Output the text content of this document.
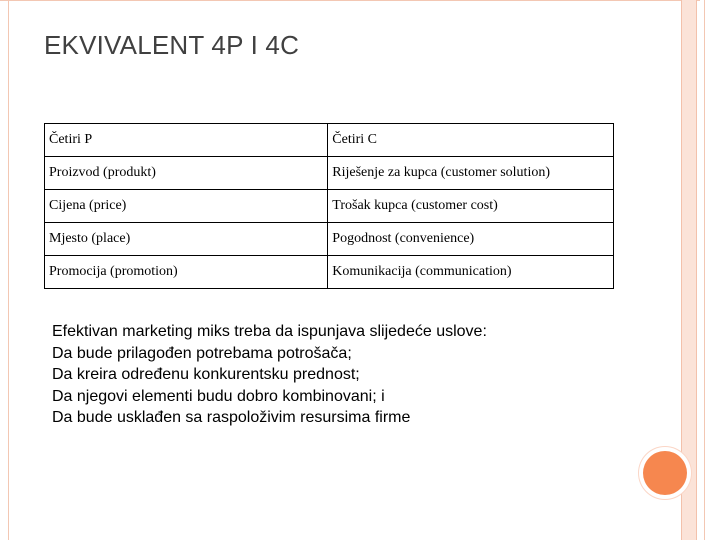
EKVIVALENT 4P I 4C
Četiri P	Četiri C
Proizvod (produkt)	Riješenje za kupca (customer solution)
Cijena (price)	Trošak kupca (customer cost)
Mjesto (place)	Pogodnost (convenience)
Promocija (promotion)	Komunikacija (communication)
Efektivan marketing miks treba da ispunjava slijedeće uslove:
Da bude prilagođen potrebama potrošača;
Da kreira određenu konkurentsku prednost;
Da njegovi elementi budu dobro kombinovani; i
Da bude usklađen sa raspoloživim resursima firme
